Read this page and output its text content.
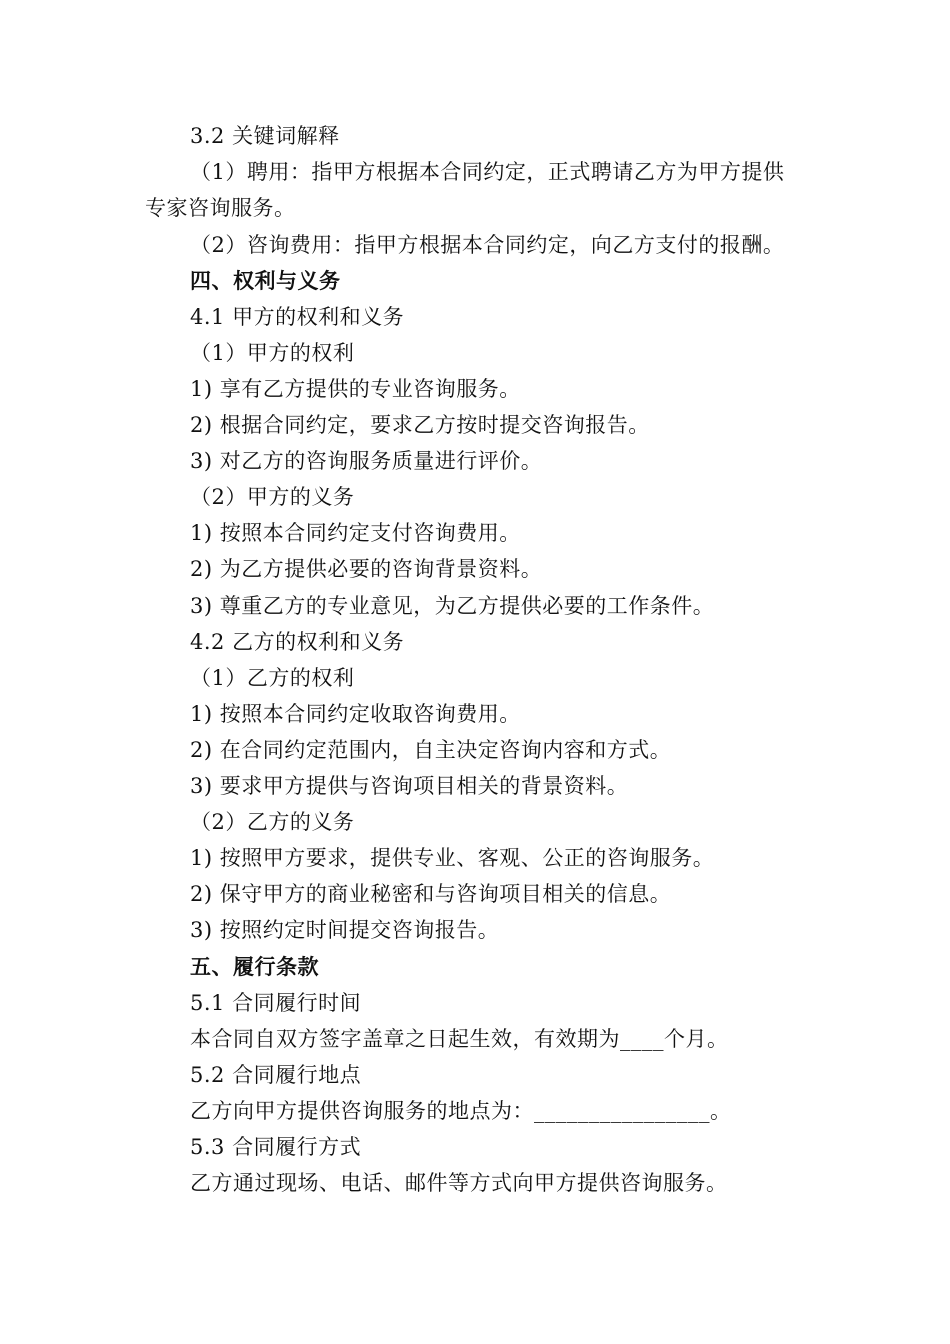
3.2 关键词解释
（1）聘用：指甲方根据本合同约定，正式聘请乙方为甲方提供
专家咨询服务。
（2）咨询费用：指甲方根据本合同约定，向乙方支付的报酬。
四、权利与义务
4.1 甲方的权利和义务
（1）甲方的权利
1) 享有乙方提供的专业咨询服务。
2) 根据合同约定，要求乙方按时提交咨询报告。
3) 对乙方的咨询服务质量进行评价。
（2）甲方的义务
1) 按照本合同约定支付咨询费用。
2) 为乙方提供必要的咨询背景资料。
3) 尊重乙方的专业意见，为乙方提供必要的工作条件。
4.2 乙方的权利和义务
（1）乙方的权利
1) 按照本合同约定收取咨询费用。
2) 在合同约定范围内，自主决定咨询内容和方式。
3) 要求甲方提供与咨询项目相关的背景资料。
（2）乙方的义务
1) 按照甲方要求，提供专业、客观、公正的咨询服务。
2) 保守甲方的商业秘密和与咨询项目相关的信息。
3) 按照约定时间提交咨询报告。
五、履行条款
5.1 合同履行时间
本合同自双方签字盖章之日起生效，有效期为____个月。
5.2 合同履行地点
乙方向甲方提供咨询服务的地点为：________________。
5.3 合同履行方式
乙方通过现场、电话、邮件等方式向甲方提供咨询服务。
